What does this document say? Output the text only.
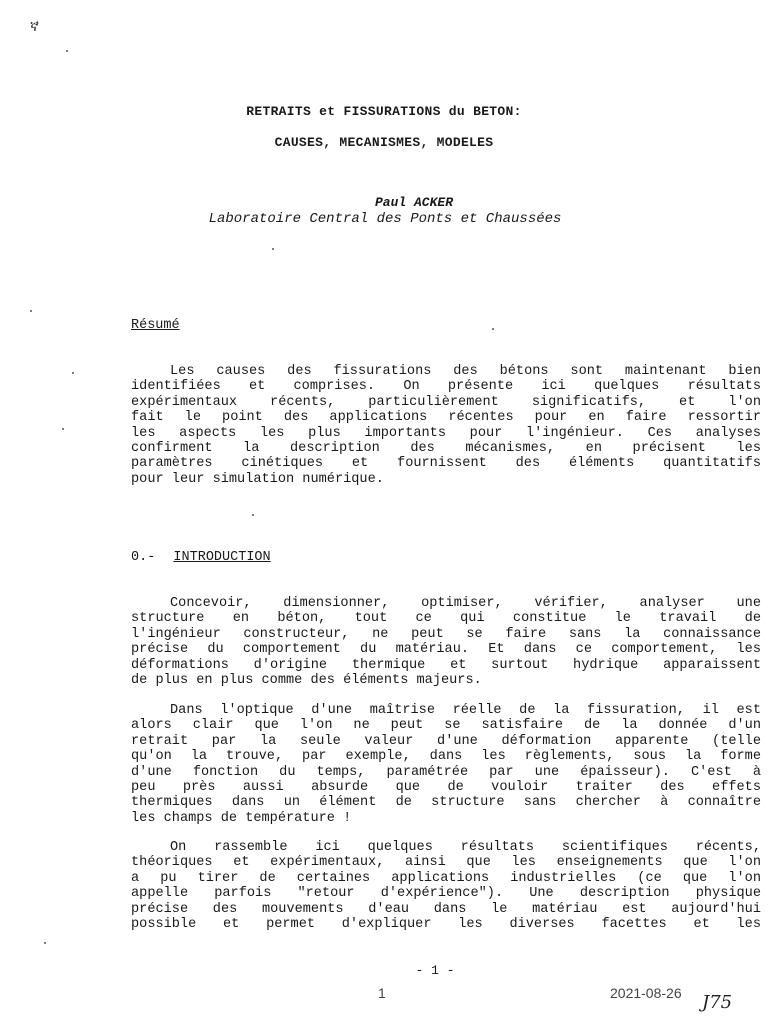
ኛ
RETRAITS et FISSURATIONS du BETON:
CAUSES, MECANISMES, MODELES
Paul ACKER
Laboratoire Central des Ponts et Chaussées
Résumé
Les causes des fissurations des bétons sont maintenant bien
identifiées et comprises. On présente ici quelques résultats
expérimentaux récents, particulièrement significatifs, et l'on
fait le point des applications récentes pour en faire ressortir
les aspects les plus importants pour l'ingénieur. Ces analyses
confirment la description des mécanismes, en précisent les
paramètres cinétiques et fournissent des éléments quantitatifs
pour leur simulation numérique.
0.- INTRODUCTION
Concevoir, dimensionner, optimiser, vérifier, analyser une
structure en béton, tout ce qui constitue le travail de
l'ingénieur constructeur, ne peut se faire sans la connaissance
précise du comportement du matériau. Et dans ce comportement, les
déformations d'origine thermique et surtout hydrique apparaissent
de plus en plus comme des éléments majeurs.
Dans l'optique d'une maîtrise réelle de la fissuration, il est
alors clair que l'on ne peut se satisfaire de la donnée d'un
retrait par la seule valeur d'une déformation apparente (telle
qu'on la trouve, par exemple, dans les règlements, sous la forme
d'une fonction du temps, paramétrée par une épaisseur). C'est à
peu près aussi absurde que de vouloir traiter des effets
thermiques dans un élément de structure sans chercher à connaître
les champs de température !
On rassemble ici quelques résultats scientifiques récents,
théoriques et expérimentaux, ainsi que les enseignements que l'on
a pu tirer de certaines applications industrielles (ce que l'on
appelle parfois "retour d'expérience"). Une description physique
précise des mouvements d'eau dans le matériau est aujourd'hui
possible et permet d'expliquer les diverses facettes et les
- 1 -
1	2021-08-26 J75
